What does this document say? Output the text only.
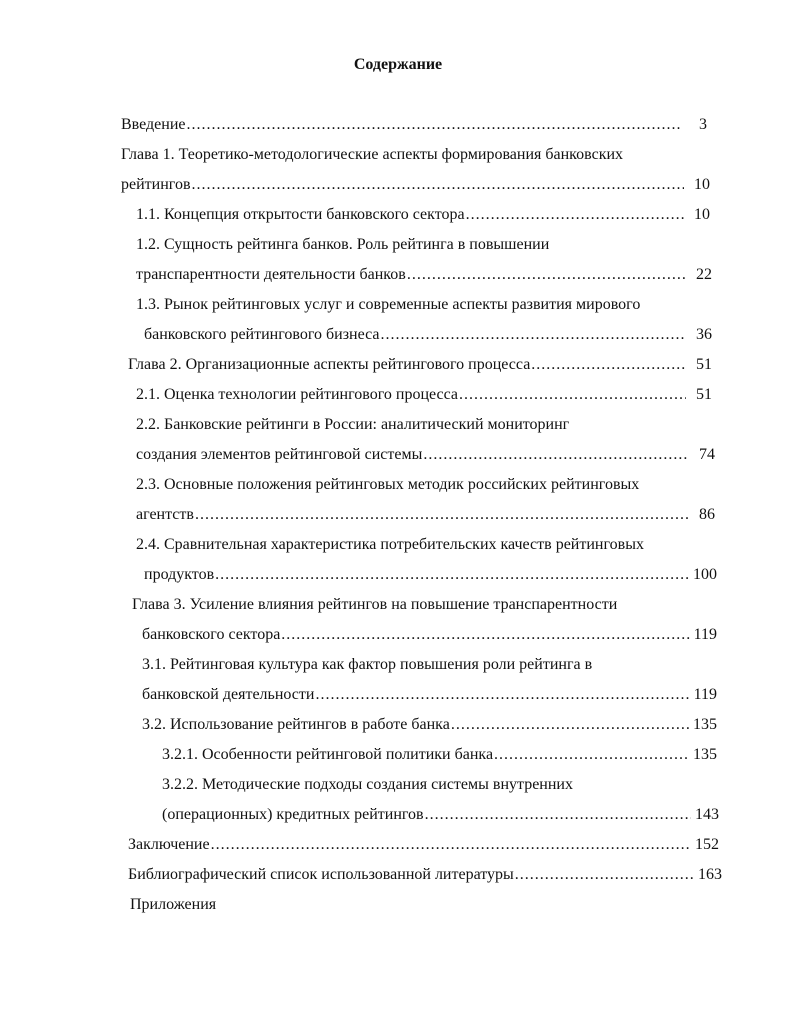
Содержание
Введение .....	3
Глава 1. Теоретико-методологические аспекты формирования банковских
рейтингов .....	10
1.1. Концепция открытости банковского сектора .....	10
1.2. Сущность рейтинга банков. Роль рейтинга в повышении
транспарентности деятельности банков .....	22
1.3. Рынок рейтинговых услуг и современные аспекты развития мирового
банковского рейтингового бизнеса .....	36
Глава 2. Организационные аспекты рейтингового процесса .....	51
2.1. Оценка технологии рейтингового процесса .....	51
2.2. Банковские рейтинги в России: аналитический мониторинг
создания элементов рейтинговой системы .....	74
2.3. Основные положения рейтинговых методик российских рейтинговых
агентств .....	86
2.4. Сравнительная характеристика потребительских качеств рейтинговых
продуктов .....	100
Глава 3. Усиление влияния рейтингов на повышение транспарентности
банковского сектора .....	119
3.1. Рейтинговая культура как фактор повышения роли рейтинга в
банковской деятельности .....	119
3.2. Использование рейтингов в работе банка .....	135
3.2.1. Особенности рейтинговой политики банка .....	135
3.2.2. Методические подходы создания системы внутренних
(операционных) кредитных рейтингов .....	143
Заключение .....	152
Библиографический список использованной литературы .....	163
Приложения
